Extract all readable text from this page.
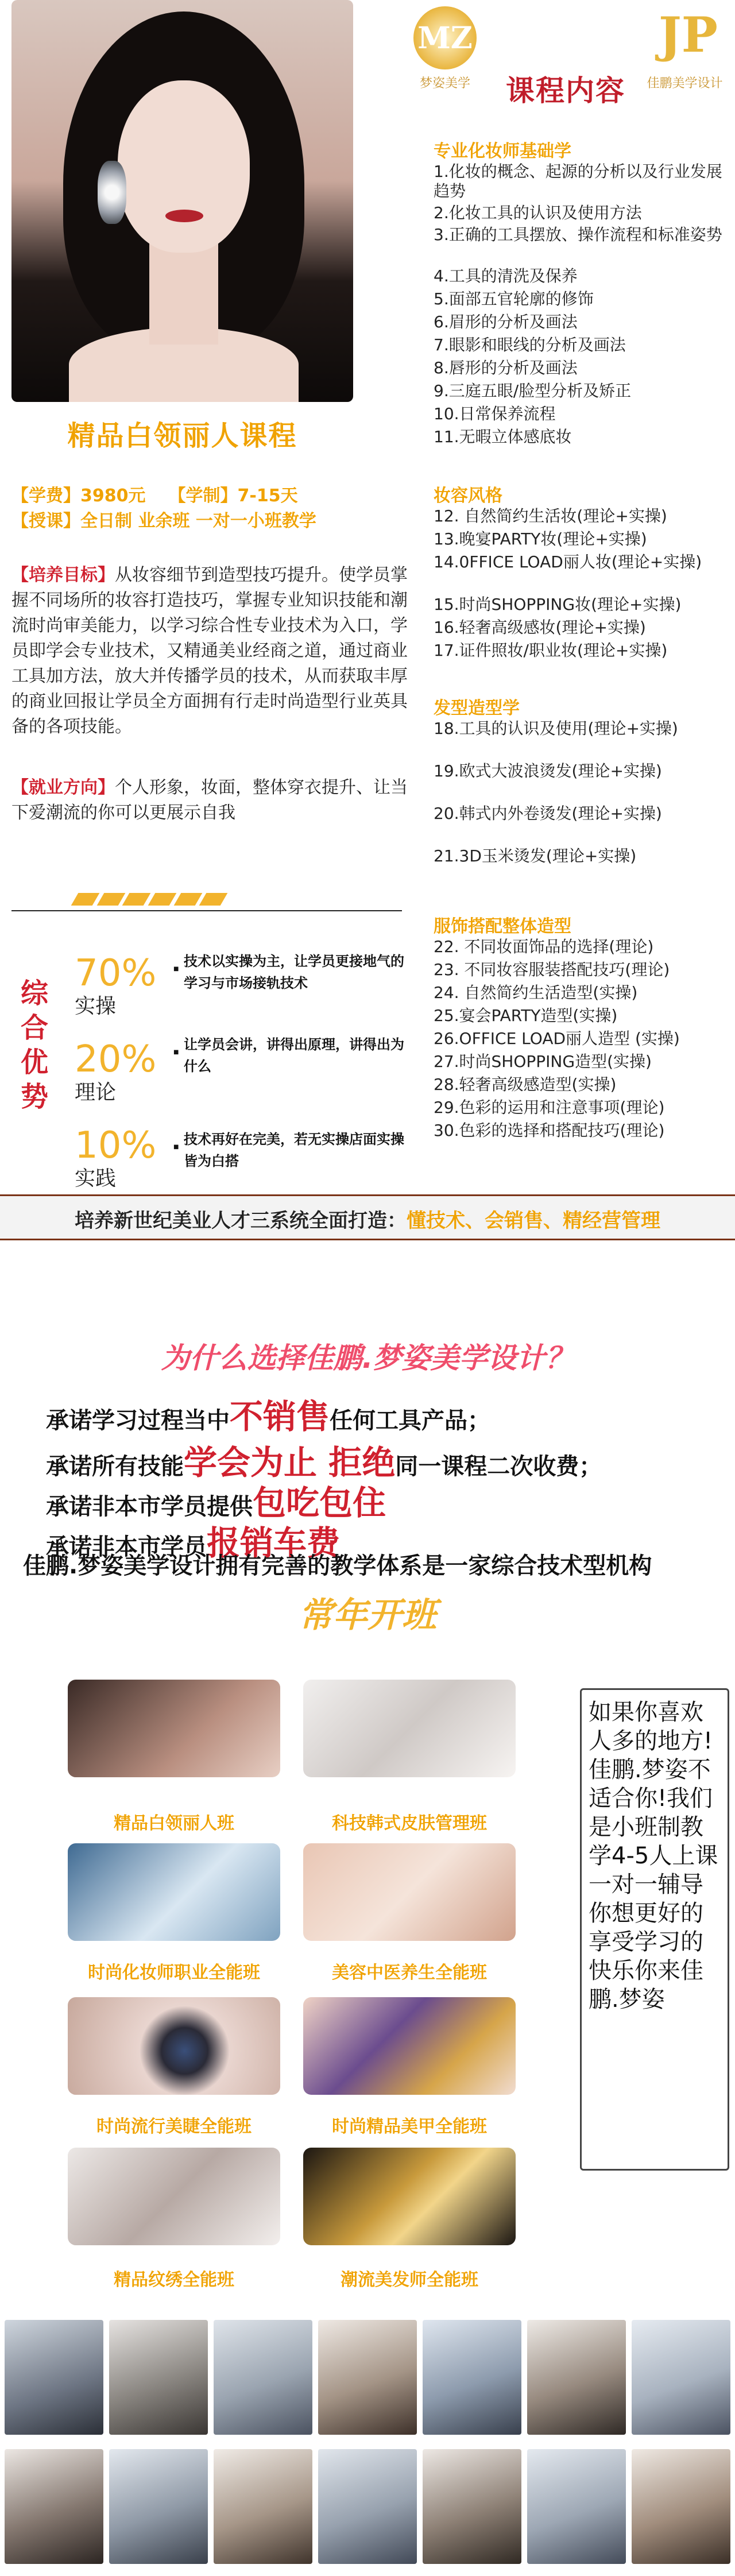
精品白领丽人课程
MZ
梦姿美学
JP
佳鹏美学设计
课程内容
【学费】3980元 【学制】7-15天
【授课】全日制 业余班 一对一小班教学
【培养目标】从妆容细节到造型技巧提升。使学员掌握不同场所的妆容打造技巧，掌握专业知识技能和潮流时尚审美能力，以学习综合性专业技术为入口，学员即学会专业技术，又精通美业经商之道，通过商业工具加方法，放大并传播学员的技术，从而获取丰厚的商业回报让学员全方面拥有行走时尚造型行业英具备的各项技能。
【就业方向】个人形象，妆面，整体穿衣提升、让当下爱潮流的你可以更展示自我
综
合
优
势
70%
实操
20%
理论
10%
实践
■ 技术以实操为主，让学员更接地气的学习与市场接轨技术
■ 让学员会讲，讲得出原理，讲得出为什么
■ 技术再好在完美，若无实操店面实操皆为白搭
专业化妆师基础学
1.化妆的概念、起源的分析以及行业发展趋势
2.化妆工具的认识及使用方法
3.正确的工具摆放、操作流程和标准姿势
4.工具的清洗及保养
5.面部五官轮廓的修饰
6.眉形的分析及画法
7.眼影和眼线的分析及画法
8.唇形的分析及画法
9.三庭五眼/脸型分析及矫正
10.日常保养流程
11.无暇立体感底妆
妆容风格
12. 自然简约生活妆(理论+实操)
13.晚宴PARTY妆(理论+实操)
14.0FFICE LOAD丽人妆(理论+实操)
15.时尚SHOPPING妆(理论+实操)
16.轻奢高级感妆(理论+实操)
17.证件照妆/职业妆(理论+实操)
发型造型学
18.工具的认识及使用(理论+实操)
19.欧式大波浪烫发(理论+实操)
20.韩式内外卷烫发(理论+实操)
21.3D玉米烫发(理论+实操)
服饰搭配整体造型
22. 不同妆面饰品的选择(理论)
23. 不同妆容服装搭配技巧(理论)
24. 自然简约生活造型(实操)
25.宴会PARTY造型(实操)
26.OFFICE LOAD丽人造型 (实操)
27.时尚SHOPPING造型(实操)
28.轻奢高级感造型(实操)
29.色彩的运用和注意事项(理论)
30.色彩的选择和搭配技巧(理论)
培养新世纪美业人才三系统全面打造：懂技术、会销售、精经营管理
为什么选择佳鹏.梦姿美学设计？
承诺学习过程当中不销售任何工具产品；
承诺所有技能学会为止 拒绝同一课程二次收费；
承诺非本市学员提供包吃包住
承诺非本市学员报销车费
佳鹏.梦姿美学设计拥有完善的教学体系是一家综合技术型机构
常年开班
精品白领丽人班	科技韩式皮肤管理班
时尚化妆师职业全能班	美容中医养生全能班
时尚流行美睫全能班	时尚精品美甲全能班
精品纹绣全能班	潮流美发师全能班
如果你喜欢人多的地方!佳鹏.梦姿不适合你!我们是小班制教学4-5人上课一对一辅导你想更好的享受学习的快乐你来佳鹏.梦姿
